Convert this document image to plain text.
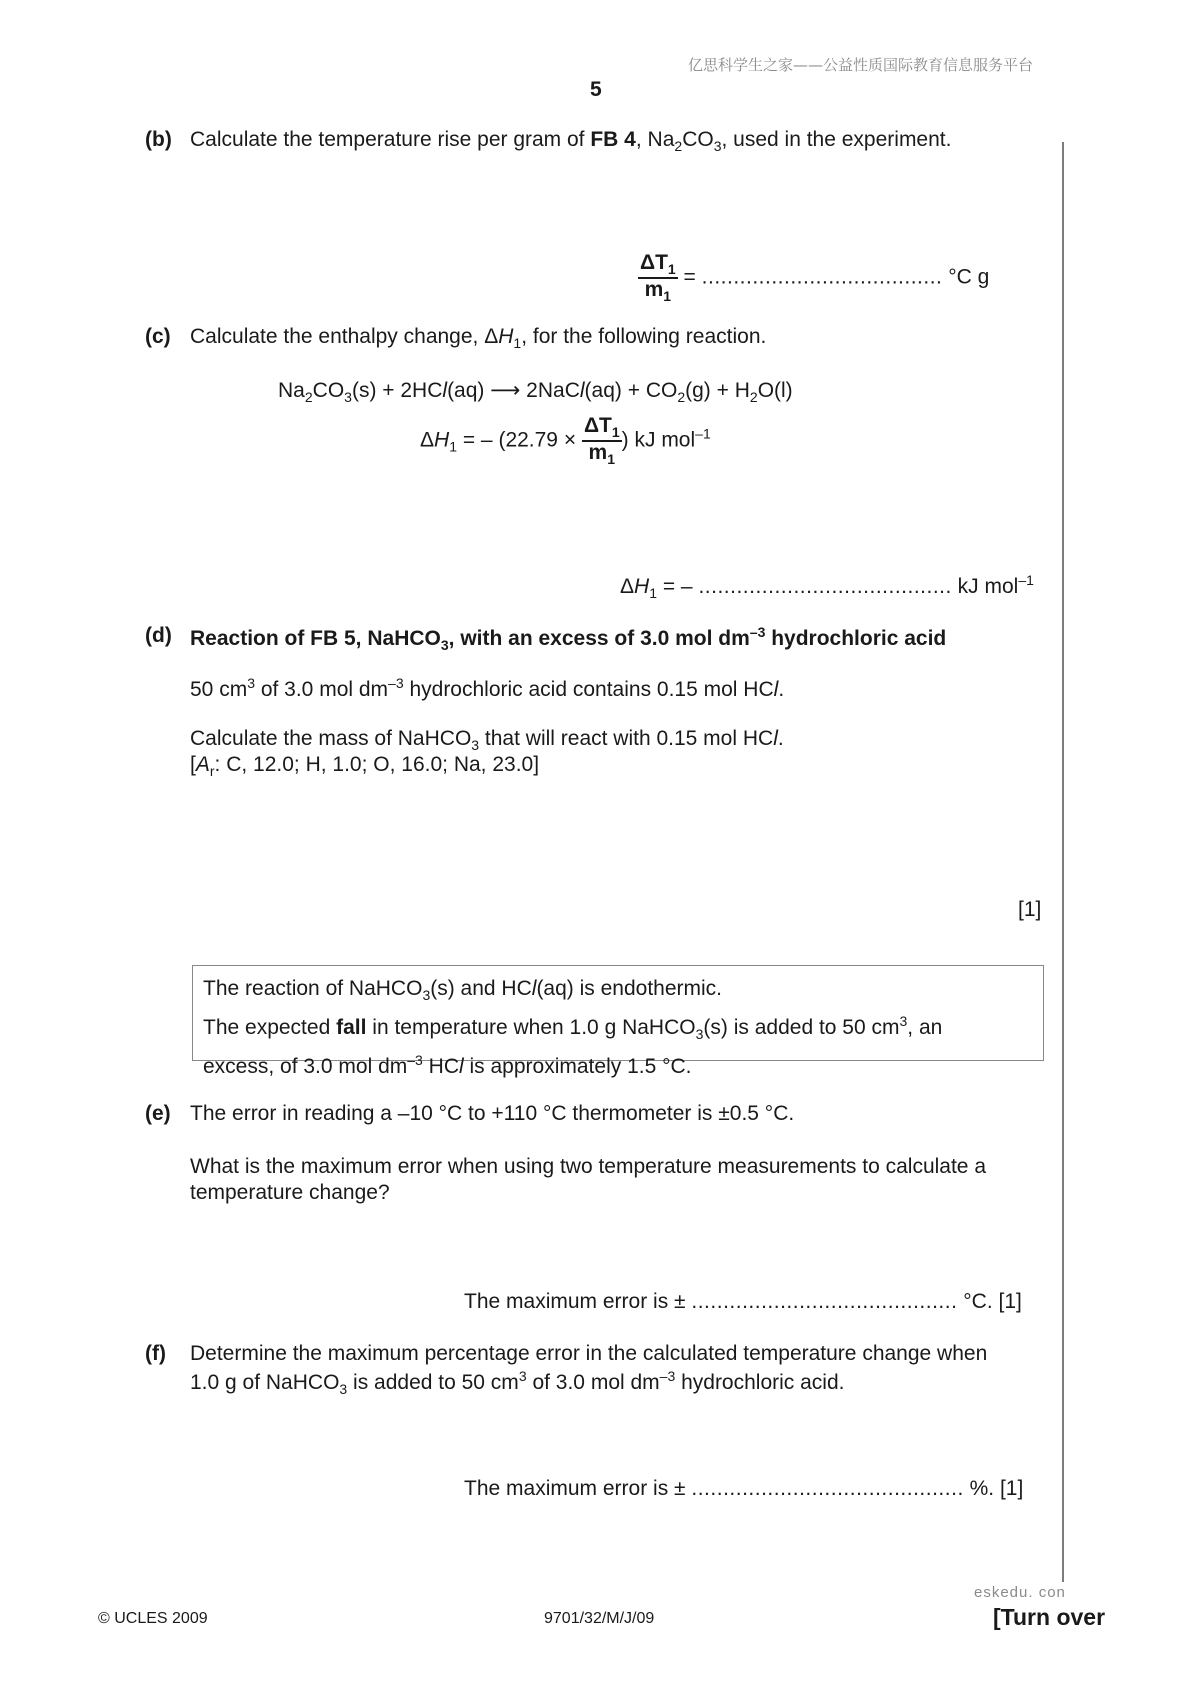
亿思科学生之家——公益性质国际教育信息服务平台
5
(b) Calculate the temperature rise per gram of FB 4, $Na_2CO_3$, used in the experiment.
$\frac{\Delta T_1}{m_1}$ = ...................................... °C g
(c) Calculate the enthalpy change, $\Delta H_1$, for the following reaction.
$Na_2CO_3(s) + 2HCl(aq)$ ⟶ 2NaCl(aq) + $CO_2(g) + H_2O(l)$
$\Delta H_1$ = – ($22.79 \times \frac{\Delta T_1}{m_1}$ ) kJ mol$^{-1}$
$\Delta H_1$ = – ........................................ kJ mol$^{-1}$
(d) Reaction of FB 5, NaHCO$_3$, with an excess of 3.0 mol $dm^{-3}$ hydrochloric acid
50 $cm^3$ of 3.0 mol $dm^{-3}$ hydrochloric acid contains 0.15 mol HCl.
Calculate the mass of NaHCO$_3$ that will react with 0.15 mol HCl.
[$A_r$: C, 12.0; H, 1.0; O, 16.0; Na, 23.0]
[1]
The reaction of NaHCO$_3$(s) and HCl(aq) is endothermic.
The expected fall in temperature when 1.0 g NaHCO$_3$(s) is added to 50 $cm^3$, an
excess, of 3.0 mol $dm^{-3}$ HCl is approximately 1.5 °C.
(e) The error in reading a –10 °C to +110 °C thermometer is ±0.5 °C.
What is the maximum error when using two temperature measurements to calculate a
temperature change?
The maximum error is ± .......................................... °C. [1]
(f) Determine the maximum percentage error in the calculated temperature change when
1.0 g of NaHCO$_3$ is added to 50 $cm^3$ of 3.0 mol $dm^{-3}$ hydrochloric acid.
The maximum error is ± ........................................... %. [1]
eskedu. con
© UCLES 2009	9701/32/M/J/09	[Turn over
